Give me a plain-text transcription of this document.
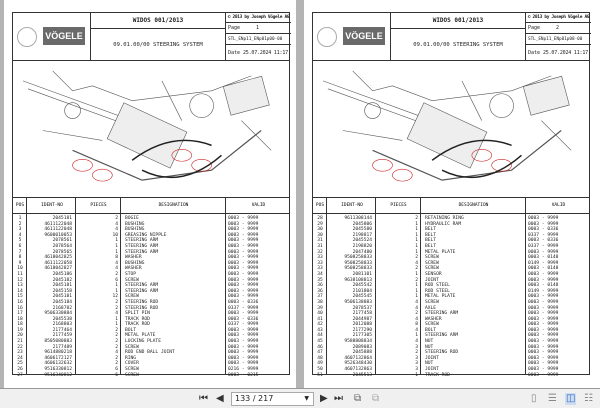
VÖGELE
WIDOS 001/2013
09.01.00/00 STEERING SYSTEM
© 2013 by Joseph Vögele AG
Page	1
STL_ENp11_ENp01p00-00
Date 25.07.2024 11:17
POS	IDENT-NO	PIECES	DESIGNATION	VALID
1	2045181	2 BOGIE	0003 - 9999
2	4611122048	4 BUSHING	0003 - 9999
3	4611122048	4 BUSHING	0003 - 9999
4	9600010053	10 GREASING NIPPLE	0003 - 9999
5	2078561	1 STEERING ARM	0003 - 9999
6	2078564	1 STEERING ARM	0003 - 9999
7	2078565	1 STEERING ARM	0003 - 9999
8	4618042825	8 WASHER	0003 - 9999
9	4611122058	4 BUSHING	0003 - 9999
10	4618042827	4 WASHER	0003 - 9999
11	2045186	2 STOP	0003 - 9999
12	2045182	6 SCREW	0003 - 9999
13	2045181	1 STEERING ARM	0003 - 9999
14	2045158	1 STEERING ARM	0003 - 9999
15	2045181	12 SCREW	0003 - 9999
16	2045184	2 STEERING ROD	0003 - 0336
16	2168782	2 STEERING ROD	0337 - 9999
17	9506330884	4 SPLIT PIN	0003 - 9999
18	2045538	1 TRACK ROD	0003 - 0336
18	2168803	1 TRACK ROD	0337 - 9999
19	2177464	2 BOLT	0003 - 9999
20	2177459	2 METAL PLATE	0003 - 9999
21	8505080883	2 LOCKING PLATE	0003 - 9999
22	2177489	2 SCREW	0003 - 9999
23	9614880218	4 ROD END BALL JOINT	0003 - 9999
24	4606172127	2 RING	0003 - 9999
25	4606132632	2 COVER	0003 - 9999
26	9516330812	6 SCREW	0216 - 9999
27	9516340812	6 SCREW	0003 - 0215
VÖGELE
WIDOS 001/2013
09.01.00/00 STEERING SYSTEM
© 2013 by Joseph Vögele AG
Page	2
STL_ENp11_ENp01p08-00
Date 25.07.2024 11:17
POS	IDENT-NO	PIECES	DESIGNATION	VALID
28	9611308144	2 RETAINING RING	0003 - 9999
29	2045806	1 HYDRAULIC RAM	0003 - 9999
30	2045580	1 BELT	0003 - 0336
30	2198817	1 BELT	0337 - 9999
31	2045524	1 BELT	0003 - 0336
31	2198820	1 BELT	0337 - 9999
32	2047480	1 METAL PLATE	0003 - 9999
33	9508258833	2 SCREW	0003 - 0148
33	9508258833	4 SCREW	0149 - 9999
33	9508258833	2 SCREW	0003 - 0148
34	2081101	1 SENSOR	0003 - 9999
35	9638108813	2 JOINT	0003 - 9999
36	2045542	1 ROD STEEL	0003 - 0148
36	2101804	1 ROD STEEL	0149 - 9999
37	2045545	1 METAL PLATE	0003 - 9999
38	9506138883	4 SCREW	0003 - 9999
39	2078537	4 AXLE	0003 - 9999
40	2177458	2 STEERING ARM	0003 - 9999
41	2044987	4 WASHER	0003 - 9999
42	2012088	8 SCREW	0003 - 9999
43	2177290	4 BOLT	0003 - 9999
44	2177305	1 STEERING ARM	0003 - 9999
45	9588808834	4 NUT	0003 - 9999
46	2089083	3 NUT	0003 - 9999
47	2045888	2 STEERING ROD	0003 - 9999
48	4607132864	3 JOINT	0003 - 9999
49	9526348430	3 NUT	0003 - 9999
50	4607132863	3 JOINT	0003 - 9999
51	2045513	1 TRACK ROD	0003 - 9999
⏮ ◀	133 / 217	▼ ▶ ⏭ ⧉ ⧉	▯ ☰ ◫ ☷
